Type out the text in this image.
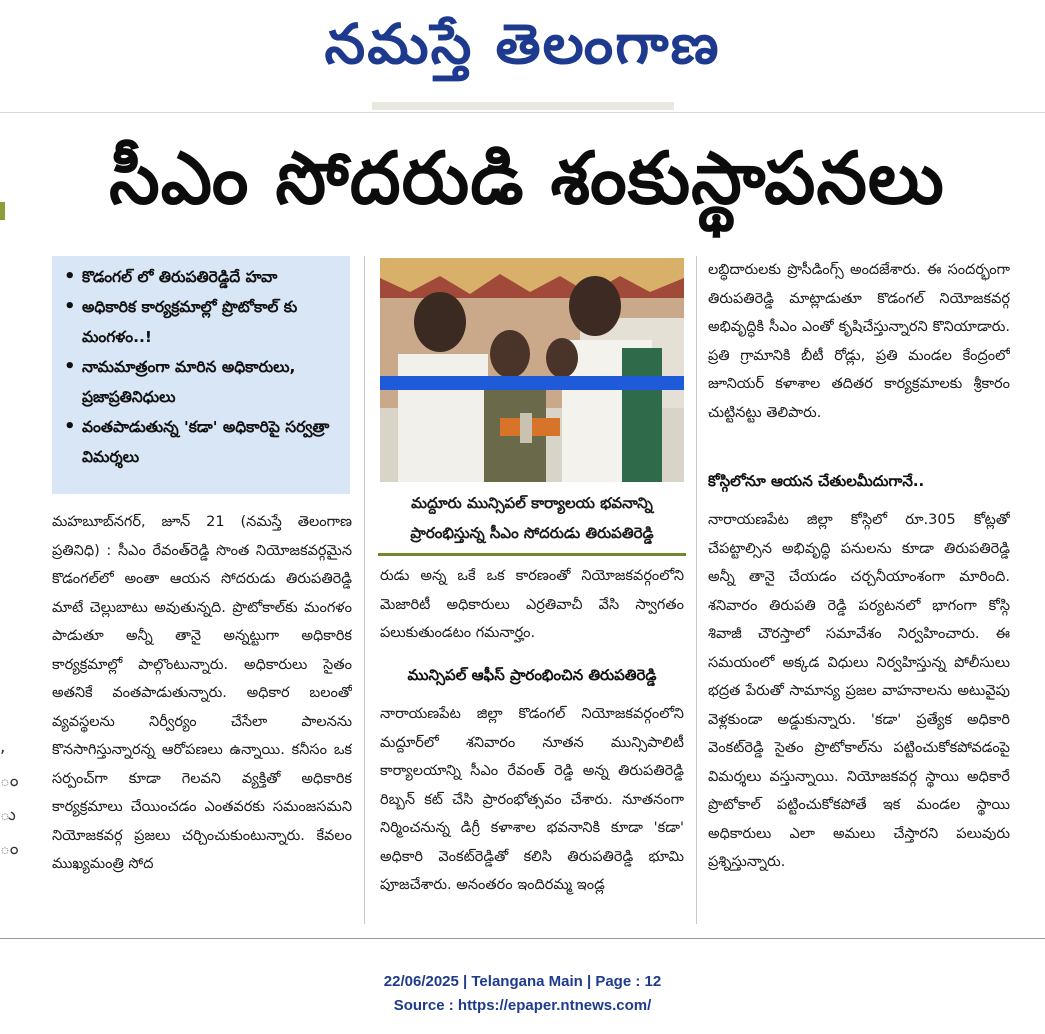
నమస్తే తెలంగాణ
,
ం
ు
ం
సీఎం సోదరుడి శంకుస్థాపనలు
• కొడంగల్ లో తిరుపతిరెడ్డిదే హవా
• అధికారిక కార్యక్రమాల్లో ప్రొటోకాల్ కు మంగళం..!
• నామమాత్రంగా మారిన అధికారులు, ప్రజాప్రతినిధులు
• వంతపాడుతున్న 'కడా' అధికారిపై సర్వత్రా విమర్శలు
మహబూబ్‌నగర్, జూన్ 21 (నమస్తే తెలంగాణ ప్రతినిధి) : సీఎం రేవంత్‌రెడ్డి సొంత నియోజకవర్గమైన కొడంగల్‌లో అంతా ఆయన సోదరుడు తిరుపతిరెడ్డి మాటే చెల్లుబాటు అవుతున్నది. ప్రొటోకాల్‌కు మంగళం పాడుతూ అన్నీ తానై అన్నట్టుగా అధికారిక కార్యక్రమాల్లో పాల్గొంటున్నారు. అధికారులు సైతం అతనికే వంతపాడుతున్నారు. అధికార బలంతో వ్యవస్థలను నిర్వీర్యం చేసేలా పాలనను కొనసాగిస్తున్నారన్న ఆరోపణలు ఉన్నాయి. కనీసం ఒక సర్పంచ్‌గా కూడా గెలవని వ్యక్తితో అధికారిక కార్యక్రమాలు చేయించడం ఎంతవరకు సమంజసమని నియోజకవర్గ ప్రజలు చర్చించుకుంటున్నారు. కేవలం ముఖ్యమంత్రి సోద
మద్దూరు మున్సిపల్ కార్యాలయ భవనాన్ని
ప్రారంభిస్తున్న సీఎం సోదరుడు తిరుపతిరెడ్డి
రుడు అన్న ఒకే ఒక కారణంతో నియోజకవర్గంలోని మెజారిటీ అధికారులు ఎర్రతివాచీ వేసి స్వాగతం పలుకుతుండటం గమనార్హం.
మున్సిపల్ ఆఫీస్ ప్రారంభించిన తిరుపతిరెడ్డి
నారాయణపేట జిల్లా కొడంగల్ నియోజకవర్గంలోని మద్దూర్‌లో శనివారం నూతన మున్సిపాలిటీ కార్యాలయాన్ని సీఎం రేవంత్ రెడ్డి అన్న తిరుపతిరెడ్డి రిబ్బన్ కట్ చేసి ప్రారంభోత్సవం చేశారు. నూతనంగా నిర్మించనున్న డిగ్రీ కళాశాల భవనానికి కూడా 'కడా' అధికారి వెంకట్‌రెడ్డితో కలిసి తిరుపతిరెడ్డి భూమి పూజచేశారు. అనంతరం ఇందిరమ్మ ఇండ్ల
లబ్ధిదారులకు ప్రొసీడింగ్స్ అందజేశారు. ఈ సందర్భంగా తిరుపతిరెడ్డి మాట్లాడుతూ కొడంగల్ నియోజకవర్గ అభివృద్ధికి సీఎం ఎంతో కృషిచేస్తున్నారని కొనియాడారు. ప్రతి గ్రామానికి బీటీ రోడ్లు, ప్రతి మండల కేంద్రంలో జూనియర్ కళాశాల తదితర కార్యక్రమాలకు శ్రీకారం చుట్టినట్టు తెలిపారు.
కోస్గిలోనూ ఆయన చేతులమీదుగానే..
నారాయణపేట జిల్లా కోస్గిలో రూ.305 కోట్లతో చేపట్టాల్సిన అభివృద్ధి పనులను కూడా తిరుపతిరెడ్డి అన్నీ తానై చేయడం చర్చనీయాంశంగా మారింది. శనివారం తిరుపతి రెడ్డి పర్యటనలో భాగంగా కోస్గి శివాజీ చౌరస్తాలో సమావేశం నిర్వహించారు. ఈ సమయంలో అక్కడ విధులు నిర్వహిస్తున్న పోలీసులు భద్రత పేరుతో సామాన్య ప్రజల వాహనాలను అటువైపు వెళ్లకుండా అడ్డుకున్నారు. 'కడా' ప్రత్యేక అధికారి వెంకట్‌రెడ్డి సైతం ప్రొటోకాల్‌ను పట్టించుకోకపోవడంపై విమర్శలు వస్తున్నాయి. నియోజకవర్గ స్థాయి అధికారే ప్రొటోకాల్ పట్టించుకోకపోతే ఇక మండల స్థాయి అధికారులు ఎలా అమలు చేస్తారని పలువురు ప్రశ్నిస్తున్నారు.
22/06/2025 | Telangana Main | Page : 12
Source : https://epaper.ntnews.com/
